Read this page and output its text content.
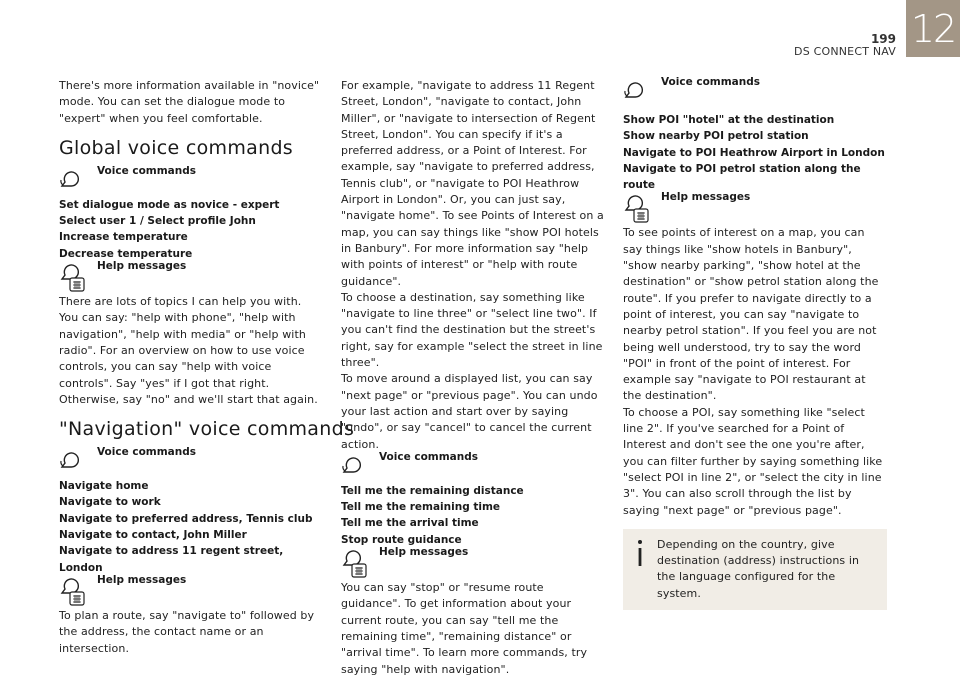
199
DS CONNECT NAV
12

There's more information available in "novice" mode. You can set the dialogue mode to "expert" when you feel comfortable.

Global voice commands
Voice commands
Set dialogue mode as novice - expert
Select user 1 / Select profile John
Increase temperature
Decrease temperature
Help messages

There are lots of topics I can help you with. You can say: "help with phone", "help with navigation", "help with media" or "help with radio". For an overview on how to use voice controls, you can say "help with voice controls". Say "yes" if I got that right. Otherwise, say "no" and we'll start that again.

"Navigation" voice commands
Voice commands
Navigate home
Navigate to work
Navigate to preferred address, Tennis club
Navigate to contact, John Miller
Navigate to address 11 regent street, London
Help messages

To plan a route, say "navigate to" followed by the address, the contact name or an intersection.

For example, "navigate to address 11 Regent Street, London", "navigate to contact, John Miller", or "navigate to intersection of Regent Street, London". You can specify if it's a preferred address, or a Point of Interest. For example, say "navigate to preferred address, Tennis club", or "navigate to POI Heathrow Airport in London". Or, you can just say, "navigate home". To see Points of Interest on a map, you can say things like "show POI hotels in Banbury". For more information say "help with points of interest" or "help with route guidance".

To choose a destination, say something like "navigate to line three" or "select line two". If you can't find the destination but the street's right, say for example "select the street in line three".

To move around a displayed list, you can say "next page" or "previous page". You can undo your last action and start over by saying "undo", or say "cancel" to cancel the current action.

Voice commands
Tell me the remaining distance
Tell me the remaining time
Tell me the arrival time
Stop route guidance
Help messages

You can say "stop" or "resume route guidance". To get information about your current route, you can say "tell me the remaining time", "remaining distance" or "arrival time". To learn more commands, try saying "help with navigation".

Voice commands
Show POI "hotel" at the destination
Show nearby POI petrol station
Navigate to POI Heathrow Airport in London
Navigate to POI petrol station along the route
Help messages

To see points of interest on a map, you can say things like "show hotels in Banbury", "show nearby parking", "show hotel at the destination" or "show petrol station along the route". If you prefer to navigate directly to a point of interest, you can say "navigate to nearby petrol station". If you feel you are not being well understood, try to say the word "POI" in front of the point of interest. For example say "navigate to POI restaurant at the destination".

To choose a POI, say something like "select line 2". If you've searched for a Point of Interest and don't see the one you're after, you can filter further by saying something like "select POI in line 2", or "select the city in line 3". You can also scroll through the list by saying "next page" or "previous page".

Depending on the country, give destination (address) instructions in the language configured for the system.
